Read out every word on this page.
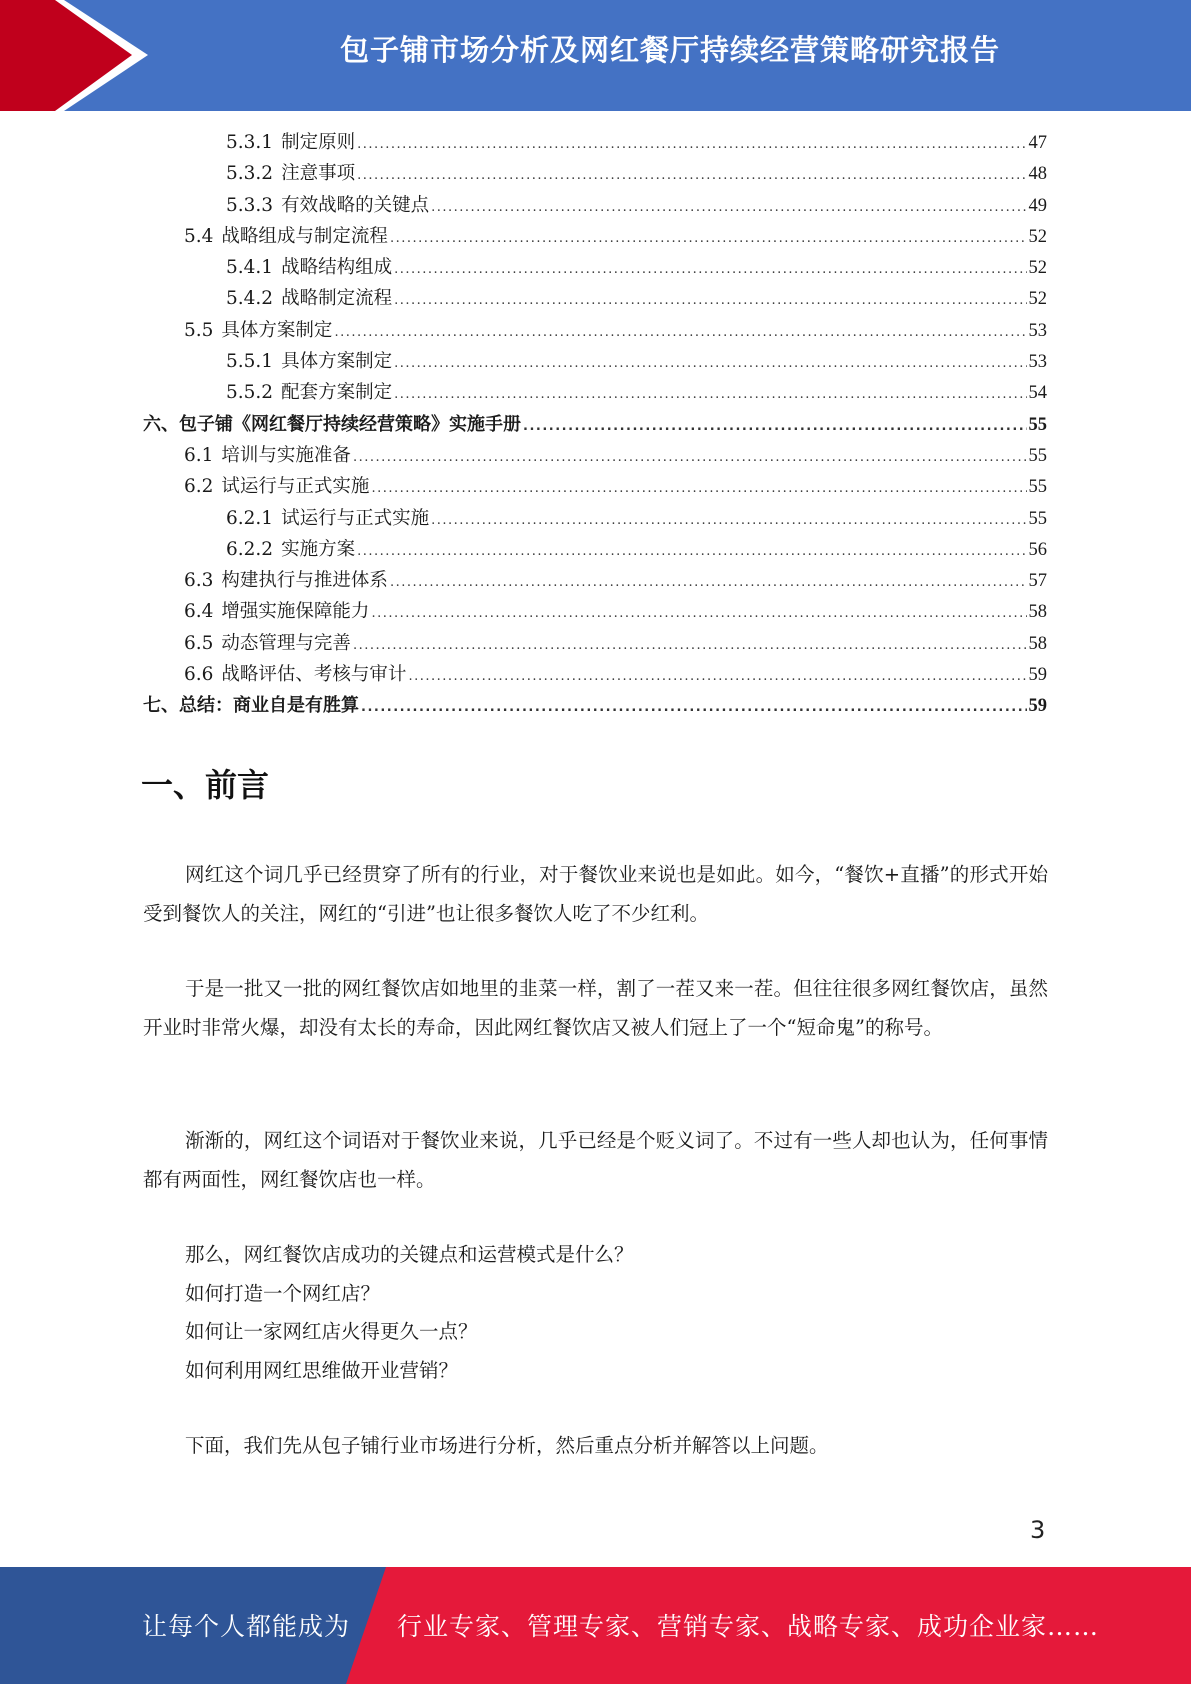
包子铺市场分析及网红餐厅持续经营策略研究报告
5.3.1 制定原则 .....	47
5.3.2 注意事项 .....	48
5.3.3 有效战略的关键点 .....	49
5.4 战略组成与制定流程 .....	52
5.4.1 战略结构组成 .....	52
5.4.2 战略制定流程 .....	52
5.5 具体方案制定 .....	53
5.5.1 具体方案制定 .....	53
5.5.2 配套方案制定 .....	54
六、包子铺《网红餐厅持续经营策略》实施手册 .....	55
6.1 培训与实施准备 .....	55
6.2 试运行与正式实施 .....	55
6.2.1 试运行与正式实施 .....	55
6.2.2 实施方案 .....	56
6.3 构建执行与推进体系 .....	57
6.4 增强实施保障能力 .....	58
6.5 动态管理与完善 .....	58
6.6 战略评估、考核与审计 .....	59
七、总结：商业自是有胜算 .....	59
一、前言

网红这个词几乎已经贯穿了所有的行业，对于餐饮业来说也是如此。如今，“餐饮+直播”的形式开始受到餐饮人的关注，网红的“引进”也让很多餐饮人吃了不少红利。

于是一批又一批的网红餐饮店如地里的韭菜一样，割了一茬又来一茬。但往往很多网红餐饮店，虽然开业时非常火爆，却没有太长的寿命，因此网红餐饮店又被人们冠上了一个“短命鬼”的称号。

渐渐的，网红这个词语对于餐饮业来说，几乎已经是个贬义词了。不过有一些人却也认为，任何事情都有两面性，网红餐饮店也一样。

那么，网红餐饮店成功的关键点和运营模式是什么？
如何打造一个网红店？
如何让一家网红店火得更久一点？
如何利用网红思维做开业营销？

下面，我们先从包子铺行业市场进行分析，然后重点分析并解答以上问题。

3
让每个人都能成为 行业专家、管理专家、营销专家、战略专家、成功企业家……
